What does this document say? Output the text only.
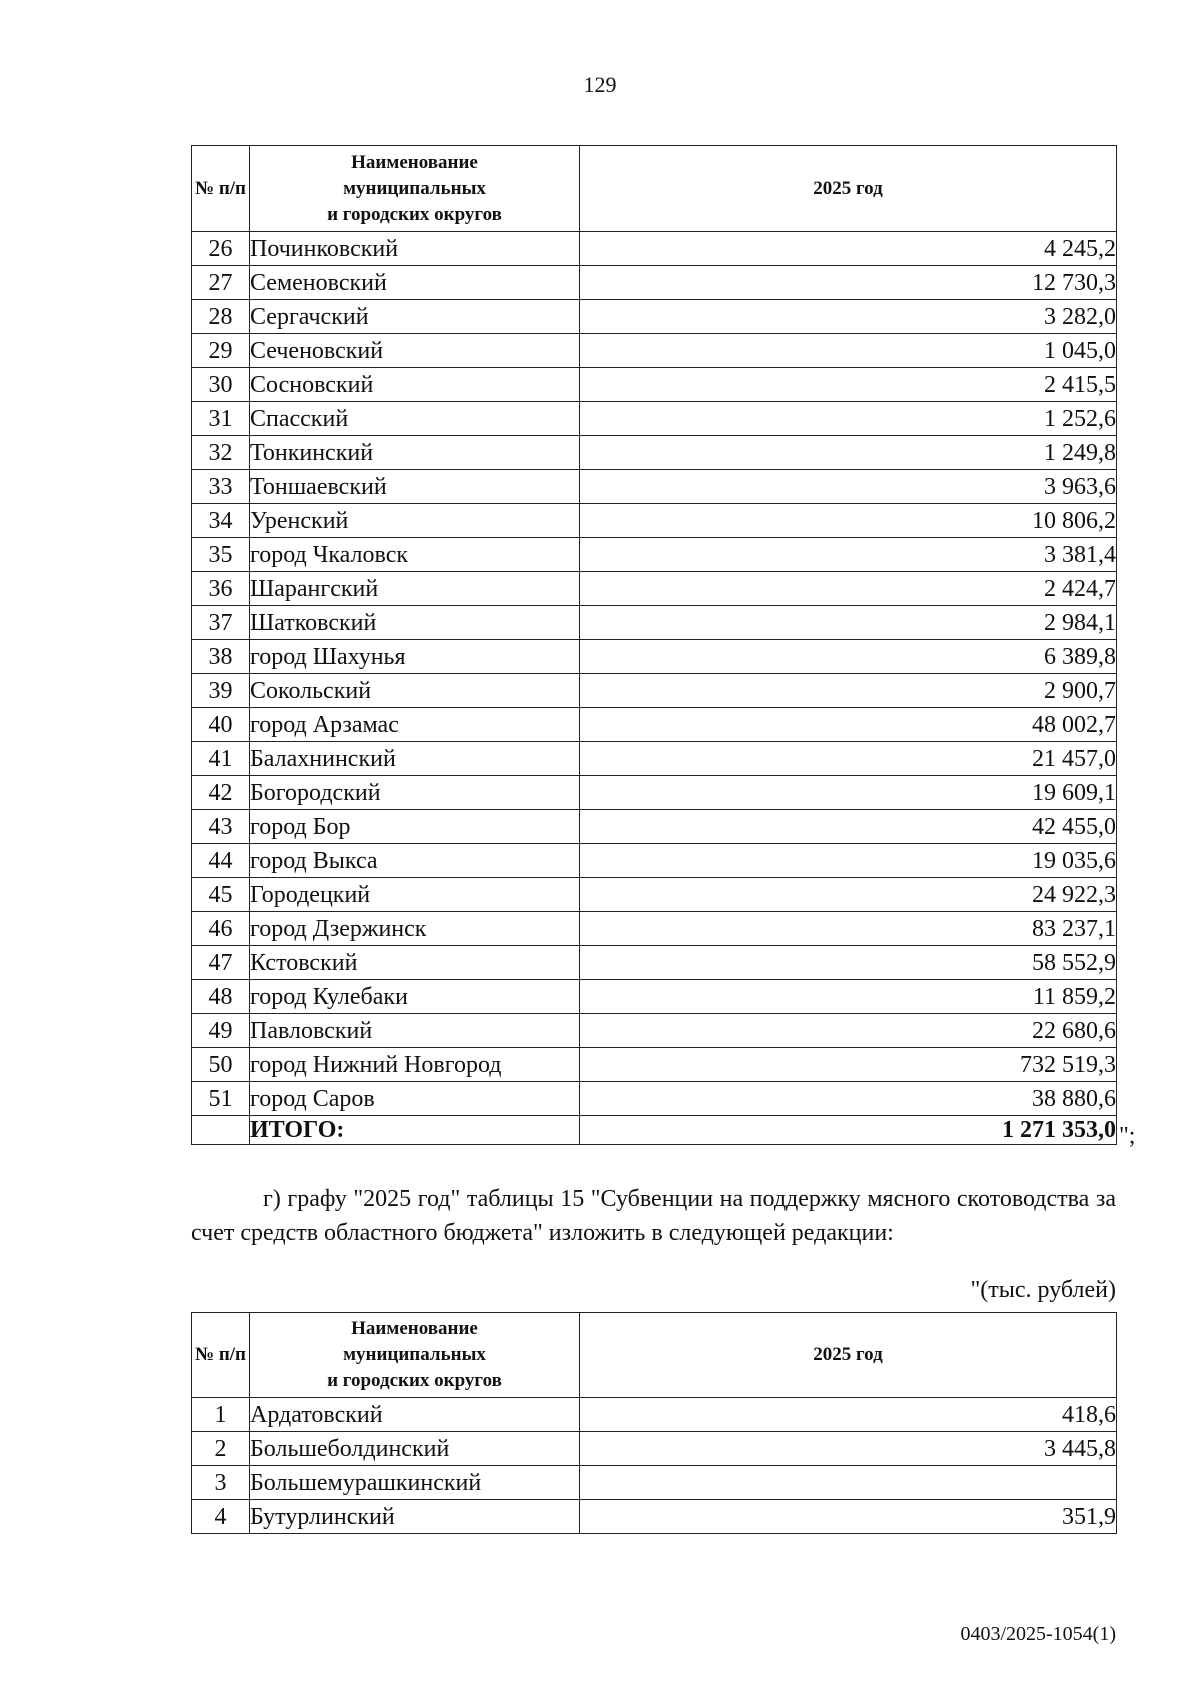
129
№ п/п	Наименование
муниципальных
и городских округов	2025 год
26	Починковский	4 245,2
27	Семеновский	12 730,3
28	Сергачский	3 282,0
29	Сеченовский	1 045,0
30	Сосновский	2 415,5
31	Спасский	1 252,6
32	Тонкинский	1 249,8
33	Тоншаевский	3 963,6
34	Уренский	10 806,2
35	город Чкаловск	3 381,4
36	Шарангский	2 424,7
37	Шатковский	2 984,1
38	город Шахунья	6 389,8
39	Сокольский	2 900,7
40	город Арзамас	48 002,7
41	Балахнинский	21 457,0
42	Богородский	19 609,1
43	город Бор	42 455,0
44	город Выкса	19 035,6
45	Городецкий	24 922,3
46	город Дзержинск	83 237,1
47	Кстовский	58 552,9
48	город Кулебаки	11 859,2
49	Павловский	22 680,6
50	город Нижний Новгород	732 519,3
51	город Саров	38 880,6
	ИТОГО:	1 271 353,0 ";
г) графу "2025 год" таблицы 15 "Субвенции на поддержку мясного скотоводства за счет средств областного бюджета" изложить в следующей редакции:
"(тыс. рублей)
№ п/п	Наименование
муниципальных
и городских округов	2025 год
1	Ардатовский	418,6
2	Большеболдинский	3 445,8
3	Большемурашкинский	
4	Бутурлинский	351,9
0403/2025-1054(1)
